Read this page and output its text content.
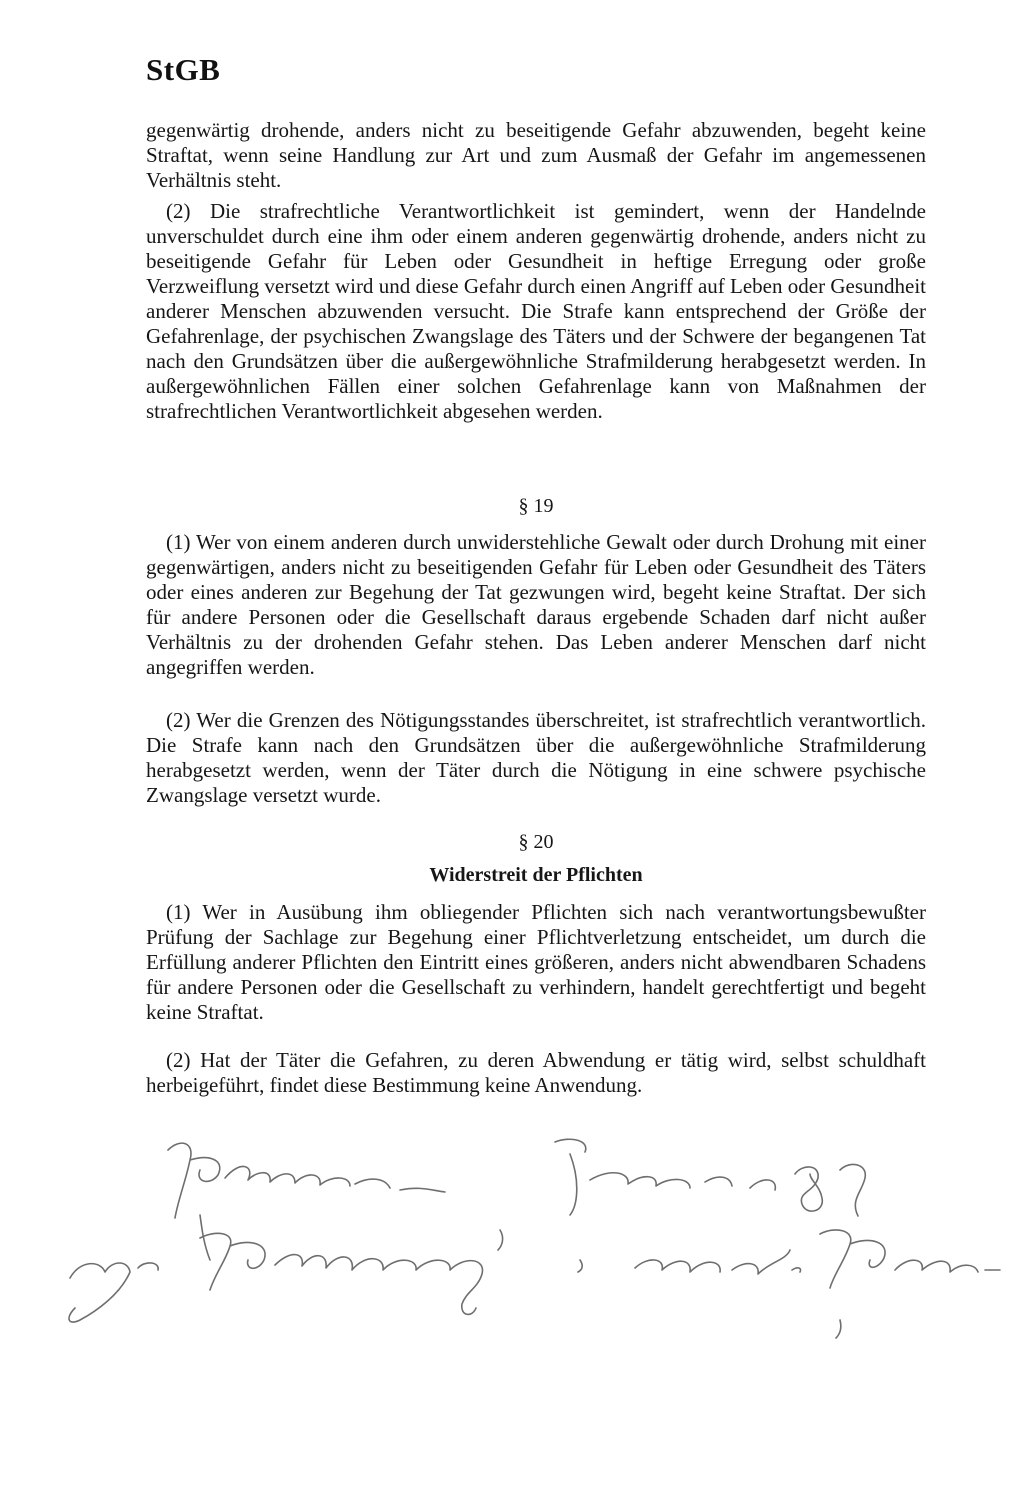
StGB

gegenwärtig drohende, anders nicht zu beseitigende Gefahr abzuwenden, begeht keine Straftat, wenn seine Handlung zur Art und zum Ausmaß der Gefahr im angemessenen Verhältnis steht.

(2) Die strafrechtliche Verantwortlichkeit ist gemindert, wenn der Handelnde unverschuldet durch eine ihm oder einem anderen gegenwärtig drohende, anders nicht zu beseitigende Gefahr für Leben oder Gesundheit in heftige Erregung oder große Verzweiflung versetzt wird und diese Gefahr durch einen Angriff auf Leben oder Gesundheit anderer Menschen abzuwenden versucht. Die Strafe kann entsprechend der Größe der Gefahrenlage, der psychischen Zwangslage des Täters und der Schwere der begangenen Tat nach den Grundsätzen über die außergewöhnliche Strafmilderung herabgesetzt werden. In außergewöhnlichen Fällen einer solchen Gefahrenlage kann von Maßnahmen der strafrechtlichen Verantwortlichkeit abgesehen werden.

§ 19

(1) Wer von einem anderen durch unwiderstehliche Gewalt oder durch Drohung mit einer gegenwärtigen, anders nicht zu beseitigenden Gefahr für Leben oder Gesundheit des Täters oder eines anderen zur Begehung der Tat gezwungen wird, begeht keine Straftat. Der sich für andere Personen oder die Gesellschaft daraus ergebende Schaden darf nicht außer Verhältnis zu der drohenden Gefahr stehen. Das Leben anderer Menschen darf nicht angegriffen werden.

(2) Wer die Grenzen des Nötigungsstandes überschreitet, ist strafrechtlich verantwortlich. Die Strafe kann nach den Grundsätzen über die außergewöhnliche Strafmilderung herabgesetzt werden, wenn der Täter durch die Nötigung in eine schwere psychische Zwangslage versetzt wurde.

§ 20
Widerstreit der Pflichten

(1) Wer in Ausübung ihm obliegender Pflichten sich nach verantwortungsbewußter Prüfung der Sachlage zur Begehung einer Pflichtverletzung entscheidet, um durch die Erfüllung anderer Pflichten den Eintritt eines größeren, anders nicht abwendbaren Schadens für andere Personen oder die Gesellschaft zu verhindern, handelt gerechtfertigt und begeht keine Straftat.

(2) Hat der Täter die Gefahren, zu deren Abwendung er tätig wird, selbst schuldhaft herbeigeführt, findet diese Bestimmung keine Anwendung.
